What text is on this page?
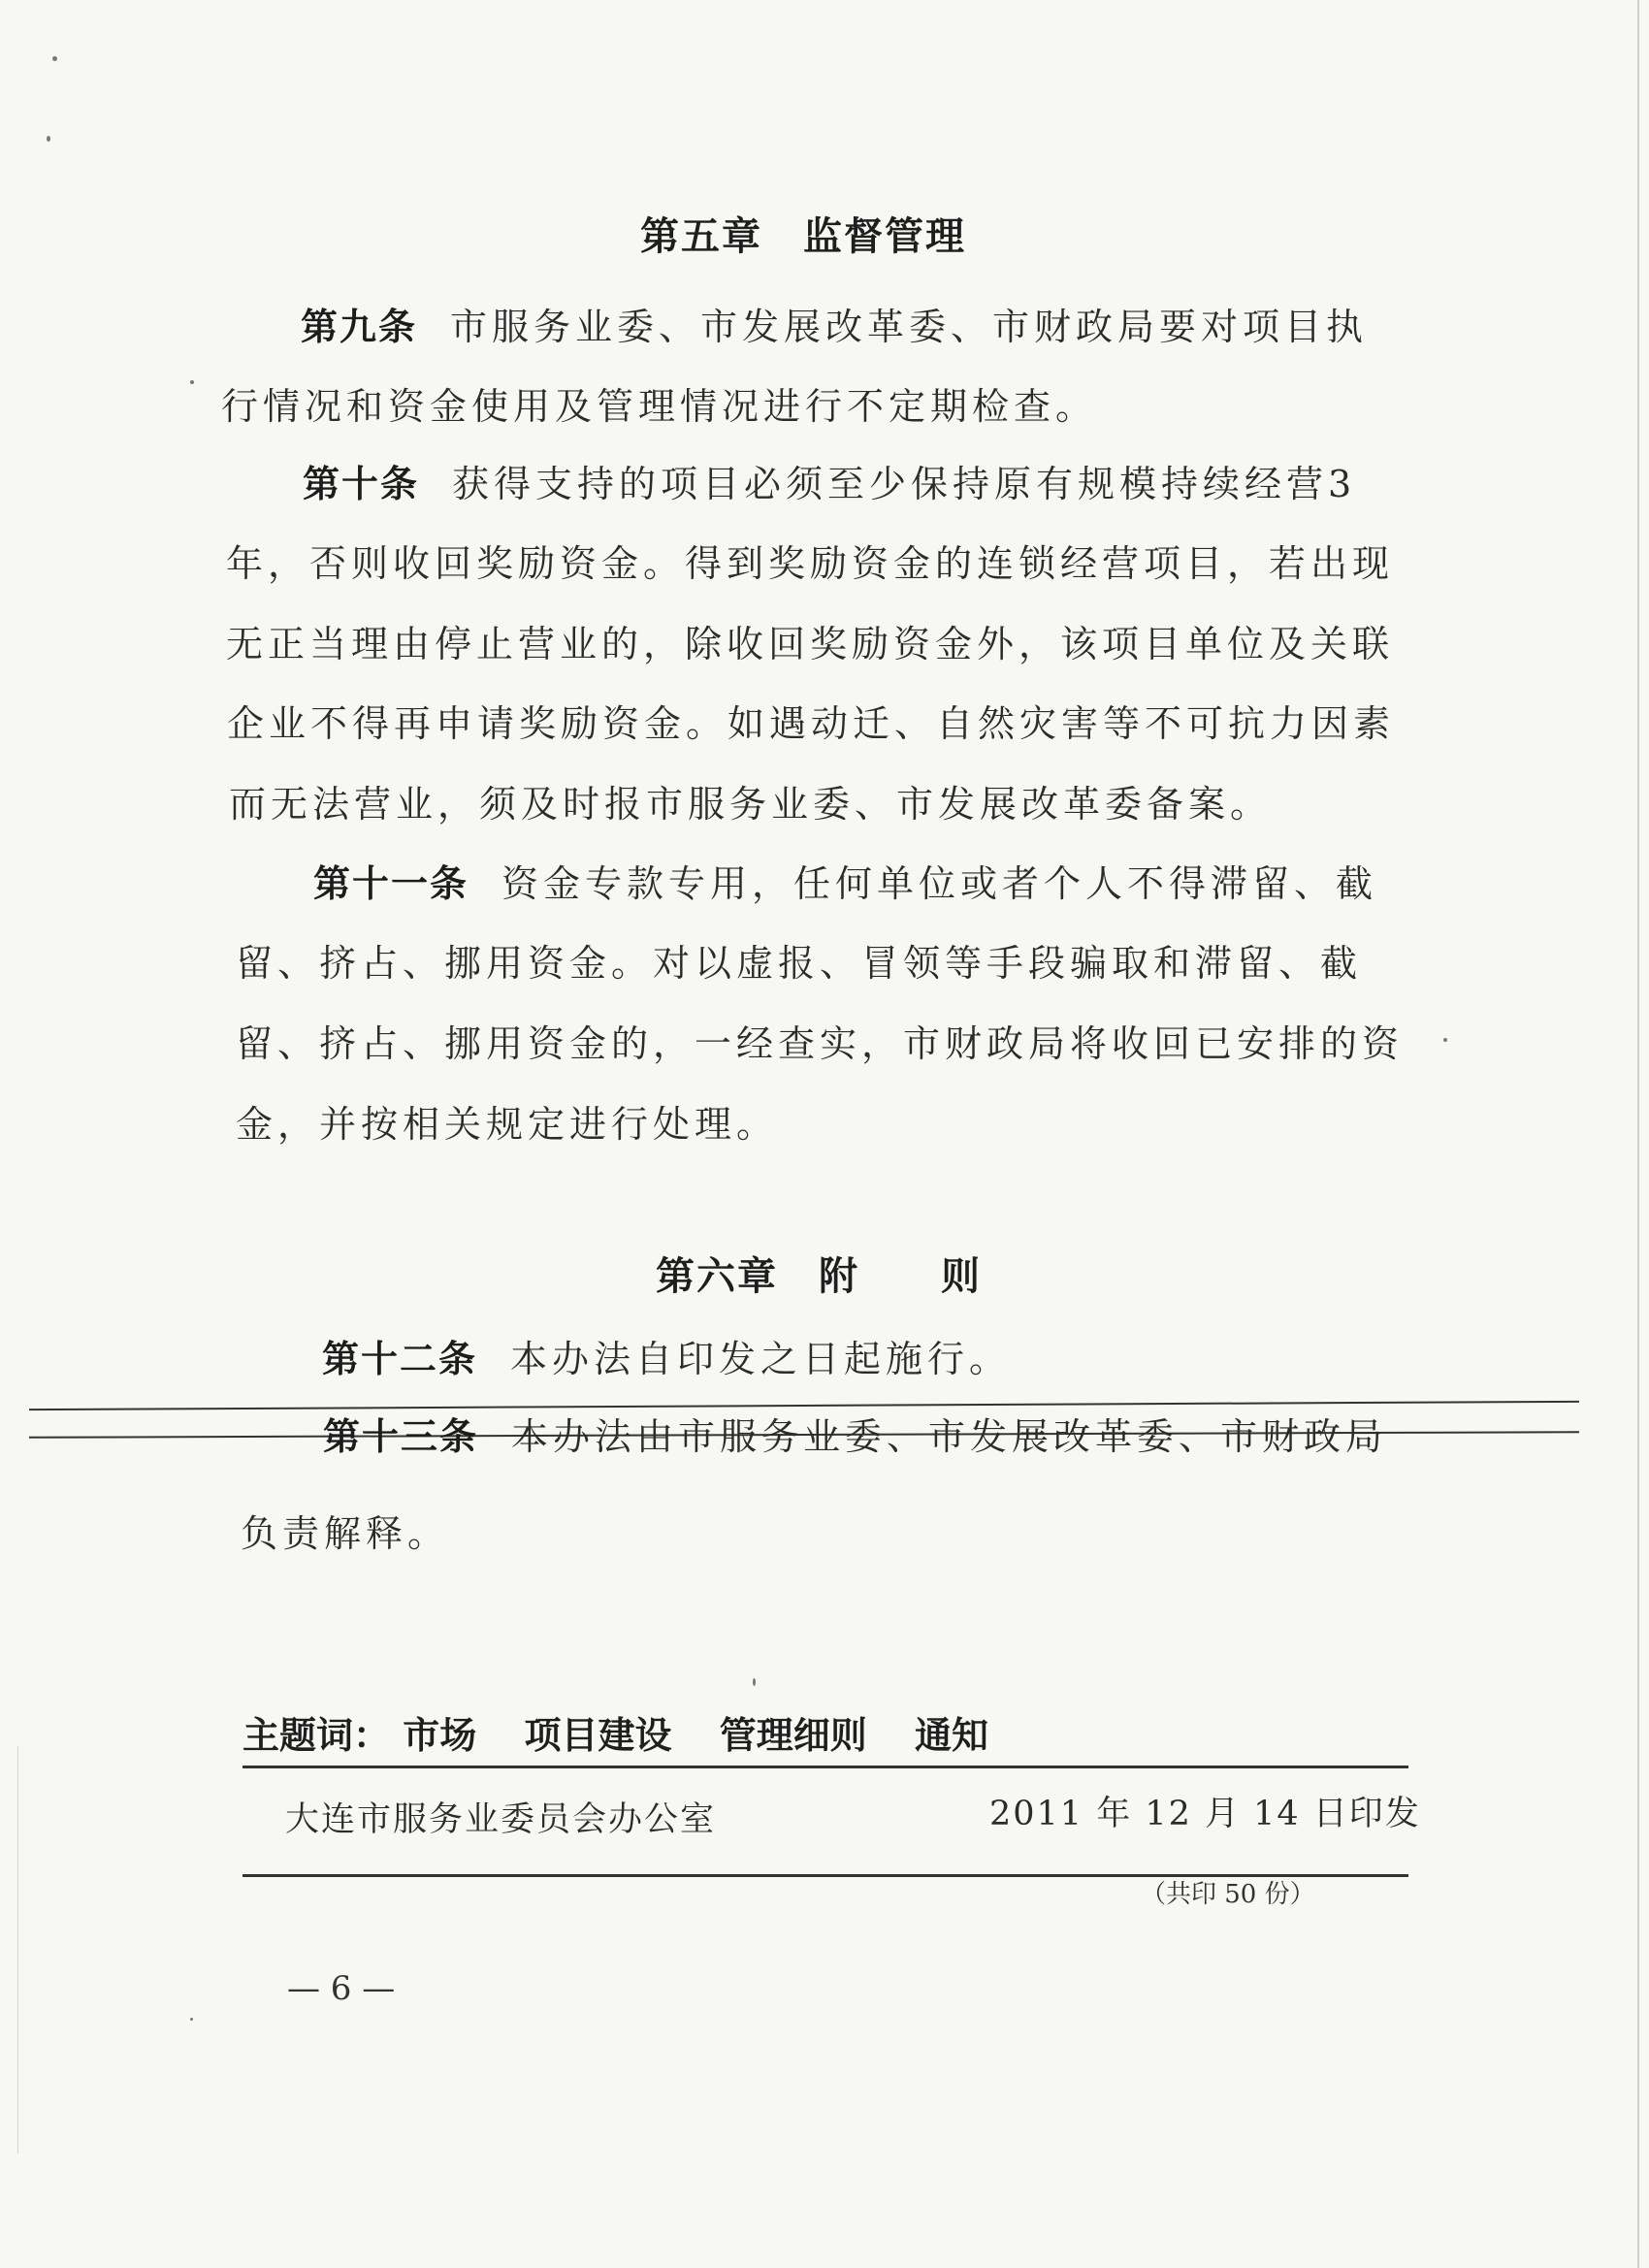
第五章　监督管理
第九条 市服务业委、市发展改革委、市财政局要对项目执
行情况和资金使用及管理情况进行不定期检查。
第十条 获得支持的项目必须至少保持原有规模持续经营3
年，否则收回奖励资金。得到奖励资金的连锁经营项目，若出现
无正当理由停止营业的，除收回奖励资金外，该项目单位及关联
企业不得再申请奖励资金。如遇动迁、自然灾害等不可抗力因素
而无法营业，须及时报市服务业委、市发展改革委备案。
第十一条 资金专款专用，任何单位或者个人不得滞留、截
留、挤占、挪用资金。对以虚报、冒领等手段骗取和滞留、截
留、挤占、挪用资金的，一经查实，市财政局将收回已安排的资
金，并按相关规定进行处理。
第六章　附　　则
第十二条 本办法自印发之日起施行。
第十三条 本办法由市服务业委、市发展改革委、市财政局
负责解释。
主题词： 市场 项目建设 管理细则 通知
大连市服务业委员会办公室	2011 年 12 月 14 日印发
（共印 50 份）
— 6 —
